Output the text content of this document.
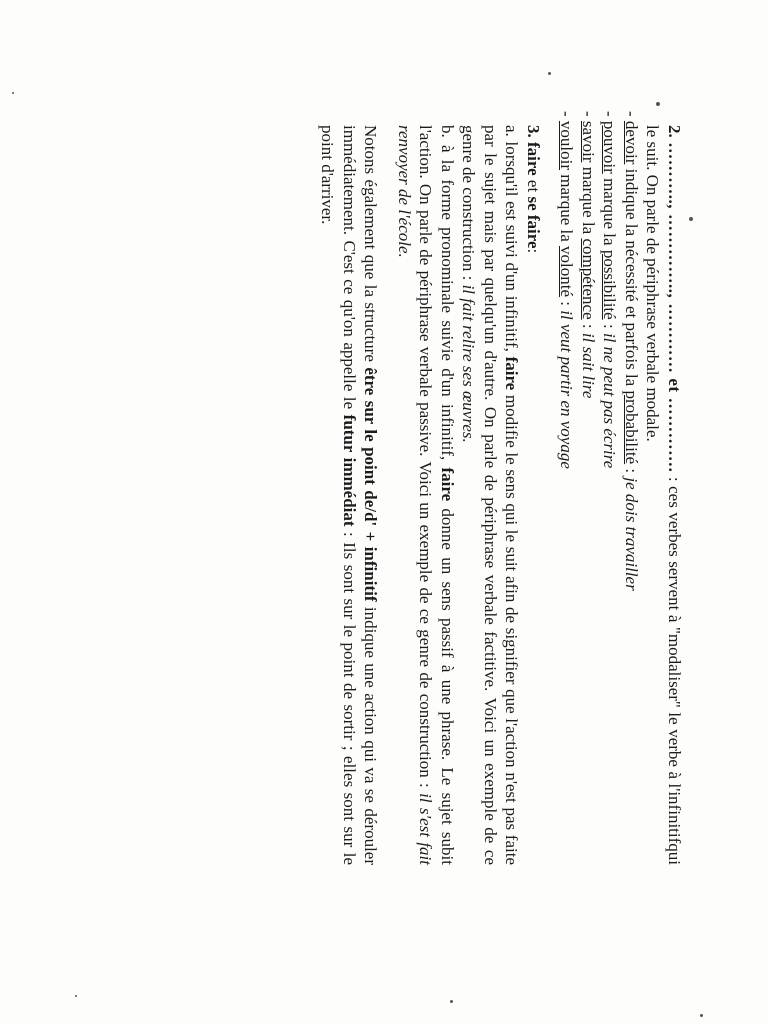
2. ……….., ………….., ………… et …………. : ces verbes servent à "modaliser" le verbe à l'infinitifqui le suit. On parle de périphrase verbale modale.

- devoir indique la nécessité et parfois la probabilité : je dois travailler

- pouvoir marque la possibilité : il ne peut pas écrire

- savoir marque la compétence : il sait lire

- vouloir marque la volonté : il veut partir en voyage

3. faire et se faire:

a. lorsqu'il est suivi d'un infinitif, faire modifie le sens qui le suit afin de signifier que l'action n'est pas faite par le sujet mais par quelqu'un d'autre. On parle de périphrase verbale factitive. Voici un exemple de ce genre de construction : il fait relire ses œuvres.

b. à la forme pronominale suivie d'un infinitif, faire donne un sens passif à une phrase. Le sujet subit l'action. On parle de périphrase verbale passive. Voici un exemple de ce genre de construction : il s'est fait renvoyer de l'école.

Notons également que la structure être sur le point de/d' + infinitif indique une action qui va se dérouler immédiatement. C'est ce qu'on appelle le futur immédiat : Ils sont sur le point de sortir ; elles sont sur le point d'arriver.
